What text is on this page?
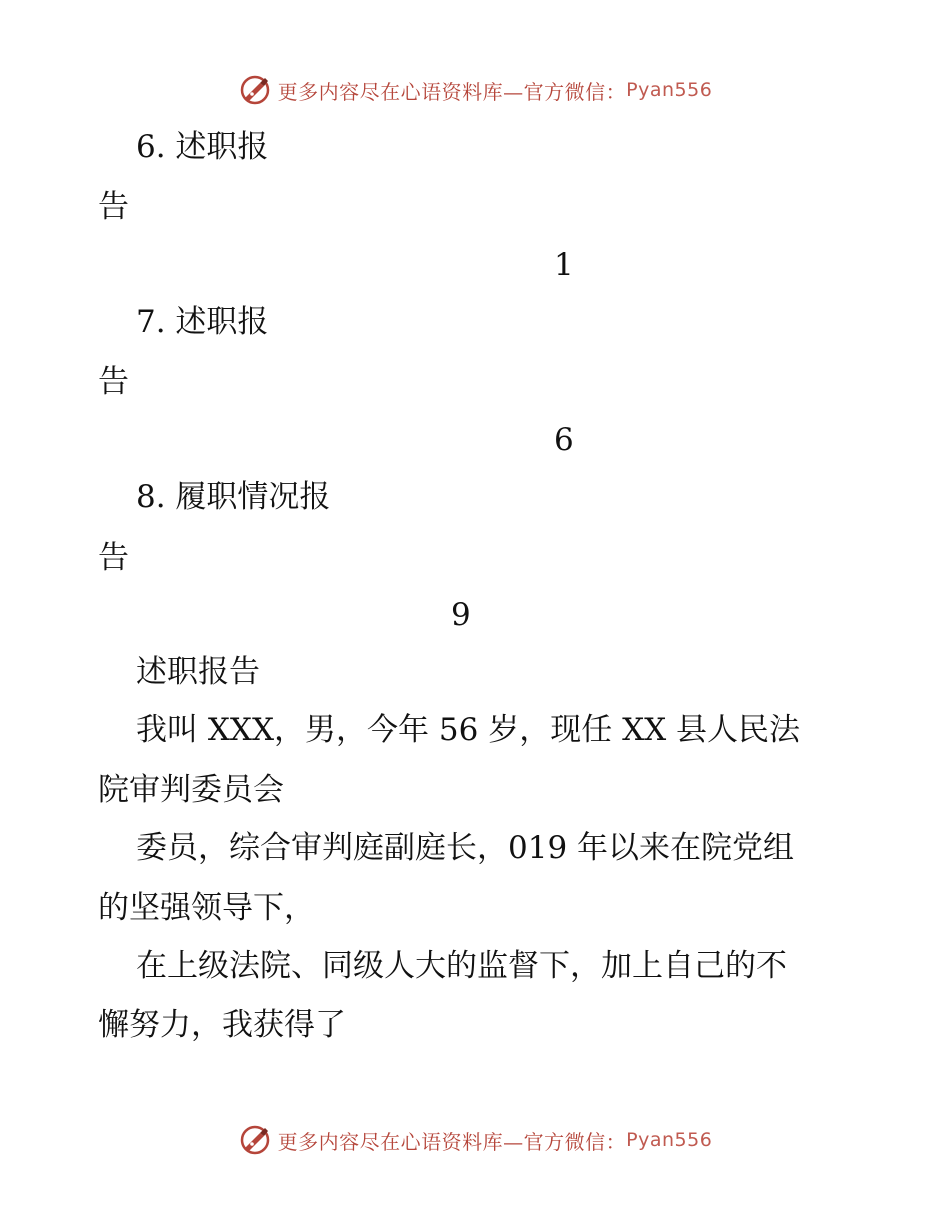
更多内容尽在心语资料库—官方微信： Pyan556
6. 述职报
告
1
7. 述职报
告
6
8. 履职情况报
告
9
述职报告
我叫 XXX，男，今年 56 岁，现任 XX 县人民法
院审判委员会
委员，综合审判庭副庭长，019 年以来在院党组
的坚强领导下，
在上级法院、同级人大的监督下，加上自己的不
懈努力，我获得了
更多内容尽在心语资料库—官方微信： Pyan556
